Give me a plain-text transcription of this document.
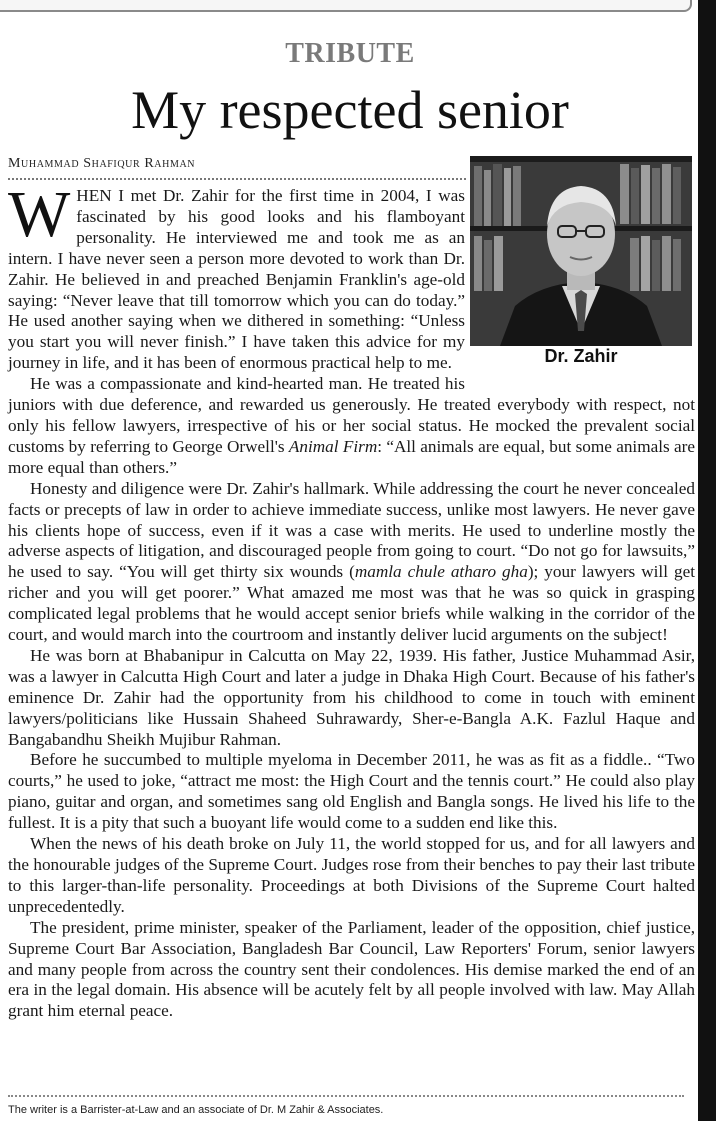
TRIBUTE
My respected senior
Muhammad Shafiqur Rahman
Dr. Zahir

WHEN I met Dr. Zahir for the first time in 2004, I was fascinated by his good looks and his flamboyant personality. He interviewed me and took me as an intern. I have never seen a person more devoted to work than Dr. Zahir. He believed in and preached Benjamin Franklin's age-old saying: “Never leave that till tomorrow which you can do today.” He used another saying when we dithered in something: “Unless you start you will never finish.” I have taken this advice for my journey in life, and it has been of enormous practical help to me.

He was a compassionate and kind-hearted man. He treated his juniors with due deference, and rewarded us generously. He treated everybody with respect, not only his fellow lawyers, irrespective of his or her social status. He mocked the prevalent social customs by referring to George Orwell's Animal Firm: “All animals are equal, but some animals are more equal than others.”

Honesty and diligence were Dr. Zahir's hallmark. While addressing the court he never concealed facts or precepts of law in order to achieve immediate success, unlike most lawyers. He never gave his clients hope of success, even if it was a case with merits. He used to underline mostly the adverse aspects of litigation, and discouraged people from going to court. “Do not go for lawsuits,” he used to say. “You will get thirty six wounds (mamla chule atharo gha); your lawyers will get richer and you will get poorer.” What amazed me most was that he was so quick in grasping complicated legal problems that he would accept senior briefs while walking in the corridor of the court, and would march into the courtroom and instantly deliver lucid arguments on the subject!

He was born at Bhabanipur in Calcutta on May 22, 1939. His father, Justice Muhammad Asir, was a lawyer in Calcutta High Court and later a judge in Dhaka High Court. Because of his father's eminence Dr. Zahir had the opportunity from his childhood to come in touch with eminent lawyers/politicians like Hussain Shaheed Suhrawardy, Sher-e-Bangla A.K. Fazlul Haque and Bangabandhu Sheikh Mujibur Rahman.

Before he succumbed to multiple myeloma in December 2011, he was as fit as a fiddle.. “Two courts,” he used to joke, “attract me most: the High Court and the tennis court.” He could also play piano, guitar and organ, and sometimes sang old English and Bangla songs. He lived his life to the fullest. It is a pity that such a buoyant life would come to a sudden end like this.

When the news of his death broke on July 11, the world stopped for us, and for all lawyers and the honourable judges of the Supreme Court. Judges rose from their benches to pay their last tribute to this larger-than-life personality. Proceedings at both Divisions of the Supreme Court halted unprecedentedly.

The president, prime minister, speaker of the Parliament, leader of the opposition, chief justice, Supreme Court Bar Association, Bangladesh Bar Council, Law Reporters' Forum, senior lawyers and many people from across the country sent their condolences. His demise marked the end of an era in the legal domain. His absence will be acutely felt by all people involved with law. May Allah grant him eternal peace.

The writer is a Barrister-at-Law and an associate of Dr. M Zahir & Associates.
